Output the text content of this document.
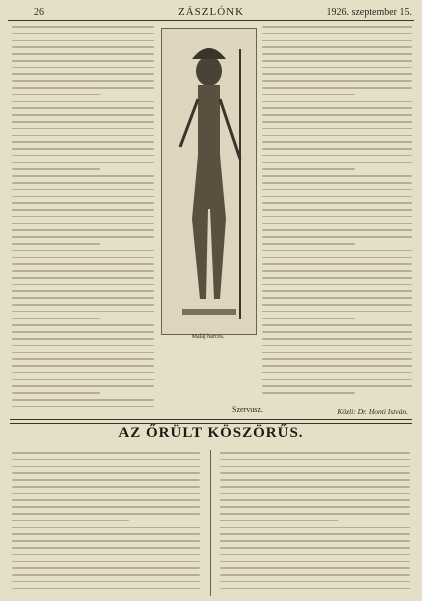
26	ZÁSZLÓNK	1926. szeptember 15.
Maláj harcos.
Szervusz.	Közli: Dr. Honti István.
AZ ŐRÜLT KÖSZÖRŰS.
